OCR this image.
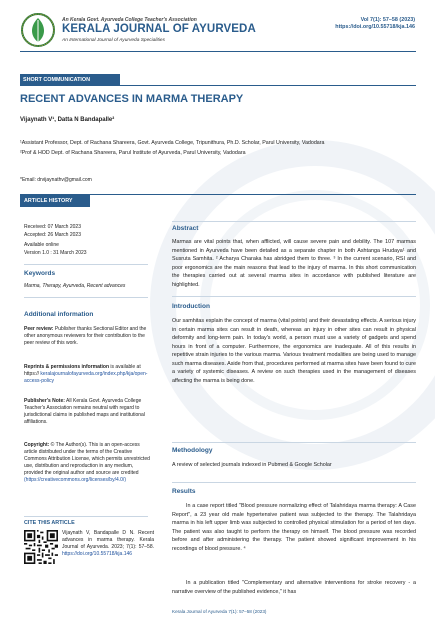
An Kerala Govt. Ayurveda College Teacher's Association
KERALA JOURNAL OF AYURVEDA
An International Journal of Ayurveda Specialities
Vol 7(1): 57–58 (2023)
https://doi.org/10.55718/kja.146
SHORT COMMUNICATION
RECENT ADVANCES IN MARMA THERAPY
Vijaynath V¹, Datta N Bandapalle²
¹Assistant Professor, Dept. of Rachana Shareera, Govt. Ayurveda College, Tripunithura, Ph.D. Scholar, Parul University, Vadodara
²Prof & HOD Dept. of Rachana Shareera, Parul Institute of Ayurveda, Parul University, Vadodara
*Email: drvijaynathv@gmail.com
ARTICLE HISTORY
Received: 07 March 2023
Accepted: 26 March 2023
Available online
Version 1.0 : 31 March 2023
Keywords
Marma, Therapy, Ayurveda, Recent advances
Additional information
Peer review: Publisher thanks Sectional Editor and the other anonymous reviewers for their contribution to the peer review of this work.
Reprints & permissions information is available at https:// keralajournalofayurveda.org/index.php/kja/open-access-policy
Publisher's Note: All Kerala Govt. Ayurveda College Teacher's Association remains neutral with regard to jurisdictional claims in published maps and institutional affiliations.
Copyright: © The Author(s). This is an open-access article distributed under the terms of the Creative Commons Attribution License, which permits unrestricted use, distribution and reproduction in any medium, provided the original author and source are credited (https://creativecommons.org/licenses/by/4.0/)
CITE THIS ARTICLE
Vijaynath V, Bandapalle D N. Recent advances in marma therapy. Kerala Journal of Ayurveda. 2023; 7(1): 57–58. https://doi.org/10.55718/kja.146
Abstract
Marmas are vital points that, when afflicted, will cause severe pain and debility. The 107 marmas mentioned in Ayurveda have been detailed as a separate chapter in both Ashtanga Hrudaya¹ and Susruta Samhita. ² Acharya Charaka has abridged them to three. ³ In the current scenario, RSI and poor ergonomics are the main reasons that lead to the injury of marma. In this short communication the therapies carried out at several marma sites in accordance with published literature are highlighted.
Introduction
Our samhitas explain the concept of marma (vital points) and their devastating effects. A serious injury in certain marma sites can result in death, whereas an injury in other sites can result in physical deformity and long-term pain. In today's world, a person must use a variety of gadgets and spend hours in front of a computer. Furthermore, the ergonomics are inadequate. All of this results in repetitive strain injuries to the various marma. Various treatment modalities are being used to manage such marma diseases. Aside from that, procedures performed at marma sites have been found to cure a variety of systemic diseases. A review on such therapies used in the management of diseases affecting the marma is being done.
Methodology
A review of selected journals indexed in Pubmed & Google Scholar
Results
In a case report titled "Blood pressure normalizing effect of Talahridaya marma therapy: A Case Report", a 23 year old male hypertensive patient was subjected to the therapy. The Talahridaya marma in his left upper limb was subjected to controlled physical stimulation for a period of ten days. The patient was also taught to perform the therapy on himself. The blood pressure was recorded before and after administering the therapy. The patient showed significant improvement in his recordings of blood pressure. ⁴
In a publication titled "Complementary and alternative interventions for stroke recovery - a narrative overview of the published evidence," it has
Kerala Journal of Ayurveda 7(1): 57–58 (2023)
